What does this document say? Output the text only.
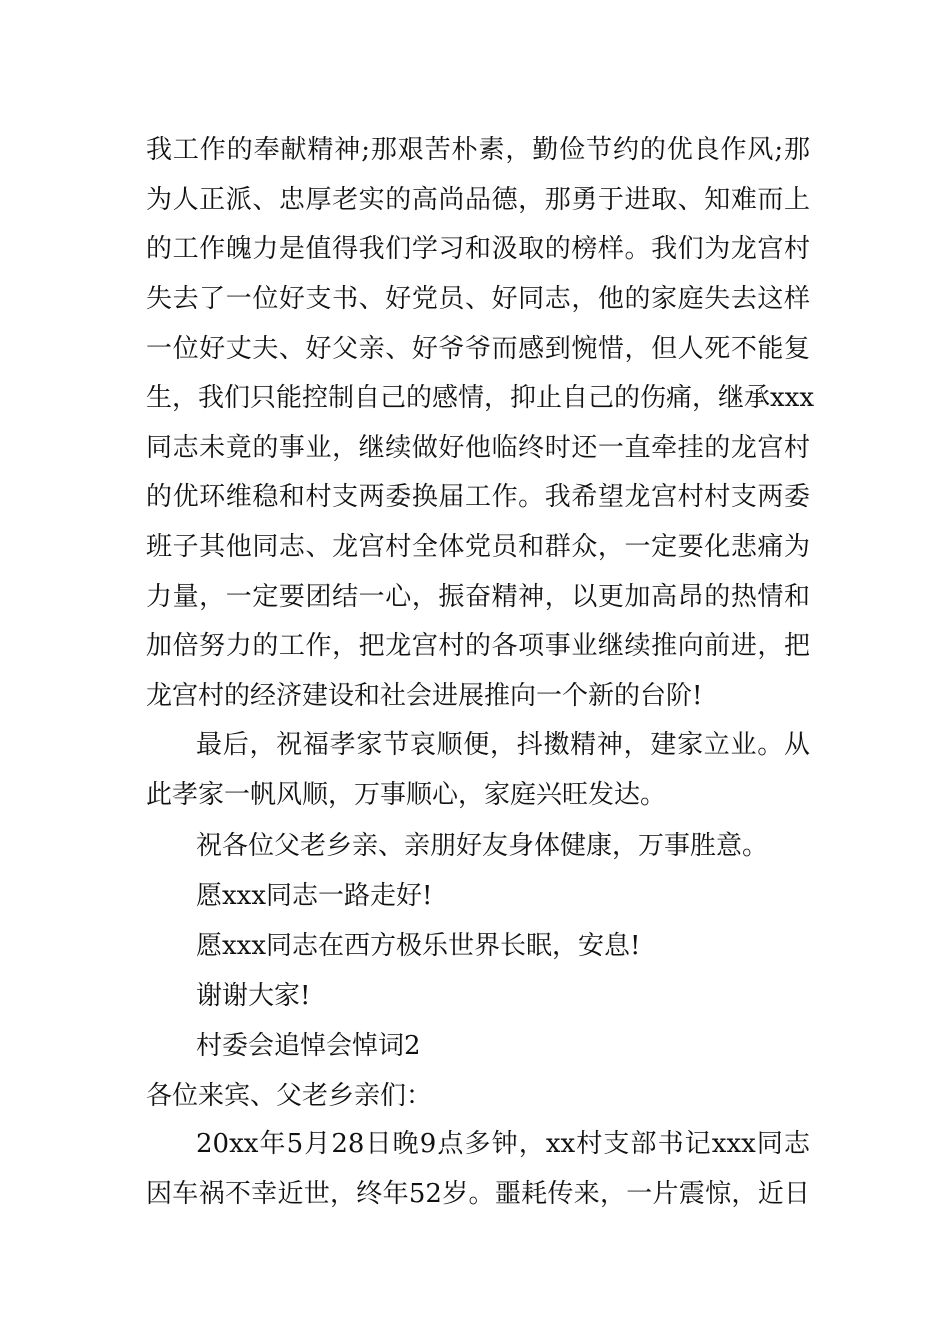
我工作的奉献精神;那艰苦朴素，勤俭节约的优良作风;那
为人正派、忠厚老实的高尚品德，那勇于进取、知难而上
的工作魄力是值得我们学习和汲取的榜样。我们为龙宫村
失去了一位好支书、好党员、好同志，他的家庭失去这样
一位好丈夫、好父亲、好爷爷而感到惋惜，但人死不能复
生，我们只能控制自己的感情，抑止自己的伤痛，继承xxx
同志未竟的事业，继续做好他临终时还一直牵挂的龙宫村
的优环维稳和村支两委换届工作。我希望龙宫村村支两委
班子其他同志、龙宫村全体党员和群众，一定要化悲痛为
力量，一定要团结一心，振奋精神，以更加高昂的热情和
加倍努力的工作，把龙宫村的各项事业继续推向前进，把
龙宫村的经济建设和社会进展推向一个新的台阶!
最后，祝福孝家节哀顺便，抖擞精神，建家立业。从
此孝家一帆风顺，万事顺心，家庭兴旺发达。
祝各位父老乡亲、亲朋好友身体健康，万事胜意。
愿xxx同志一路走好!
愿xxx同志在西方极乐世界长眠，安息!
谢谢大家!
村委会追悼会悼词2
各位来宾、父老乡亲们：
20xx年5月28日晚9点多钟，xx村支部书记xxx同志
因车祸不幸近世，终年52岁。噩耗传来，一片震惊，近日
